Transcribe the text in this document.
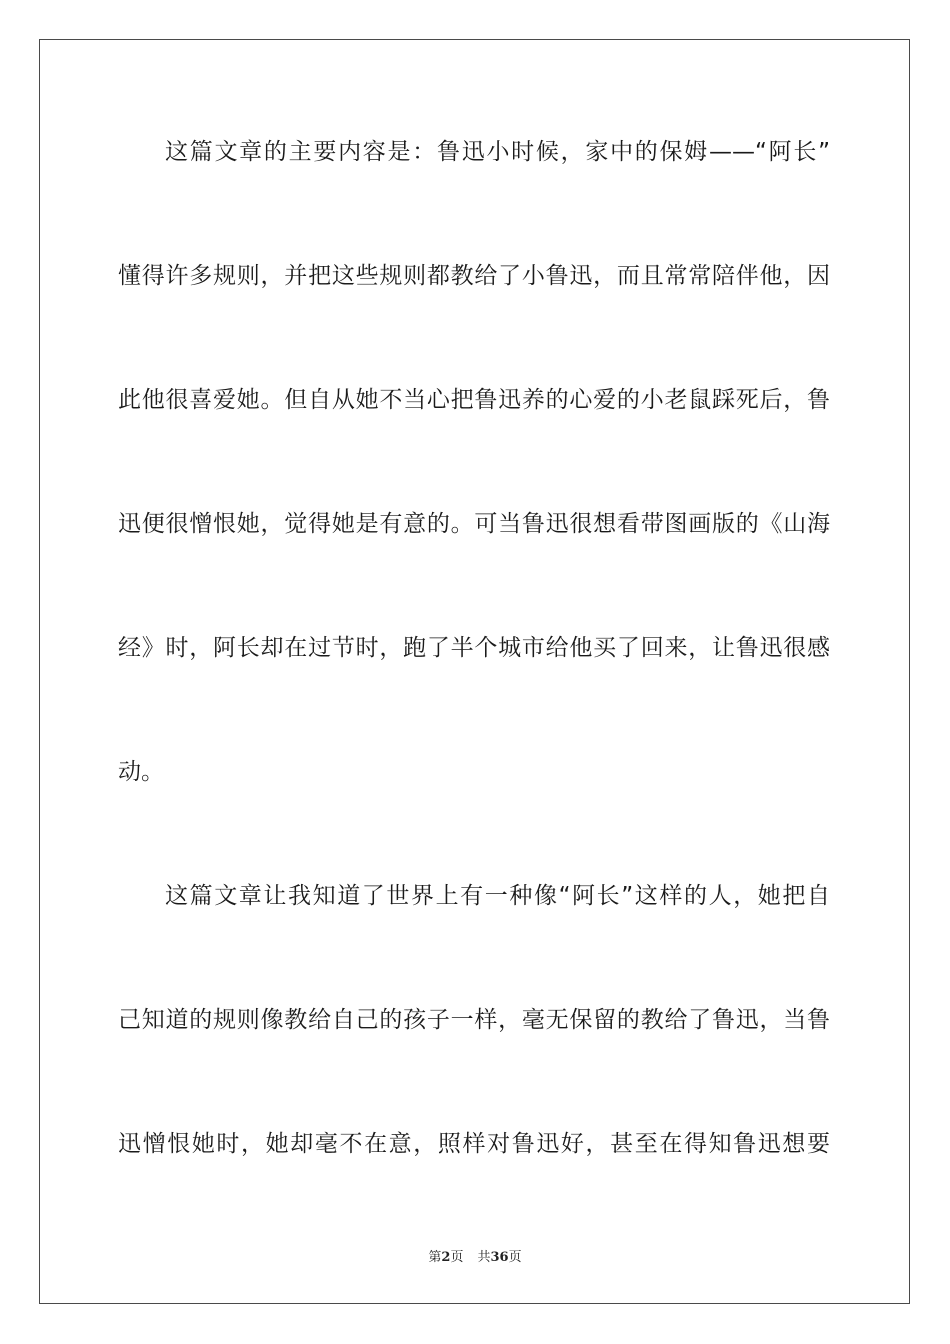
这篇文章的主要内容是：鲁迅小时候，家中的保姆——“阿长”
懂得许多规则，并把这些规则都教给了小鲁迅，而且常常陪伴他，因
此他很喜爱她。但自从她不当心把鲁迅养的心爱的小老鼠踩死后，鲁
迅便很憎恨她，觉得她是有意的。可当鲁迅很想看带图画版的《山海
经》时，阿长却在过节时，跑了半个城市给他买了回来，让鲁迅很感
动。
这篇文章让我知道了世界上有一种像“阿长”这样的人，她把自
己知道的规则像教给自己的孩子一样，毫无保留的教给了鲁迅，当鲁
迅憎恨她时，她却毫不在意，照样对鲁迅好，甚至在得知鲁迅想要
第2页 共36页
